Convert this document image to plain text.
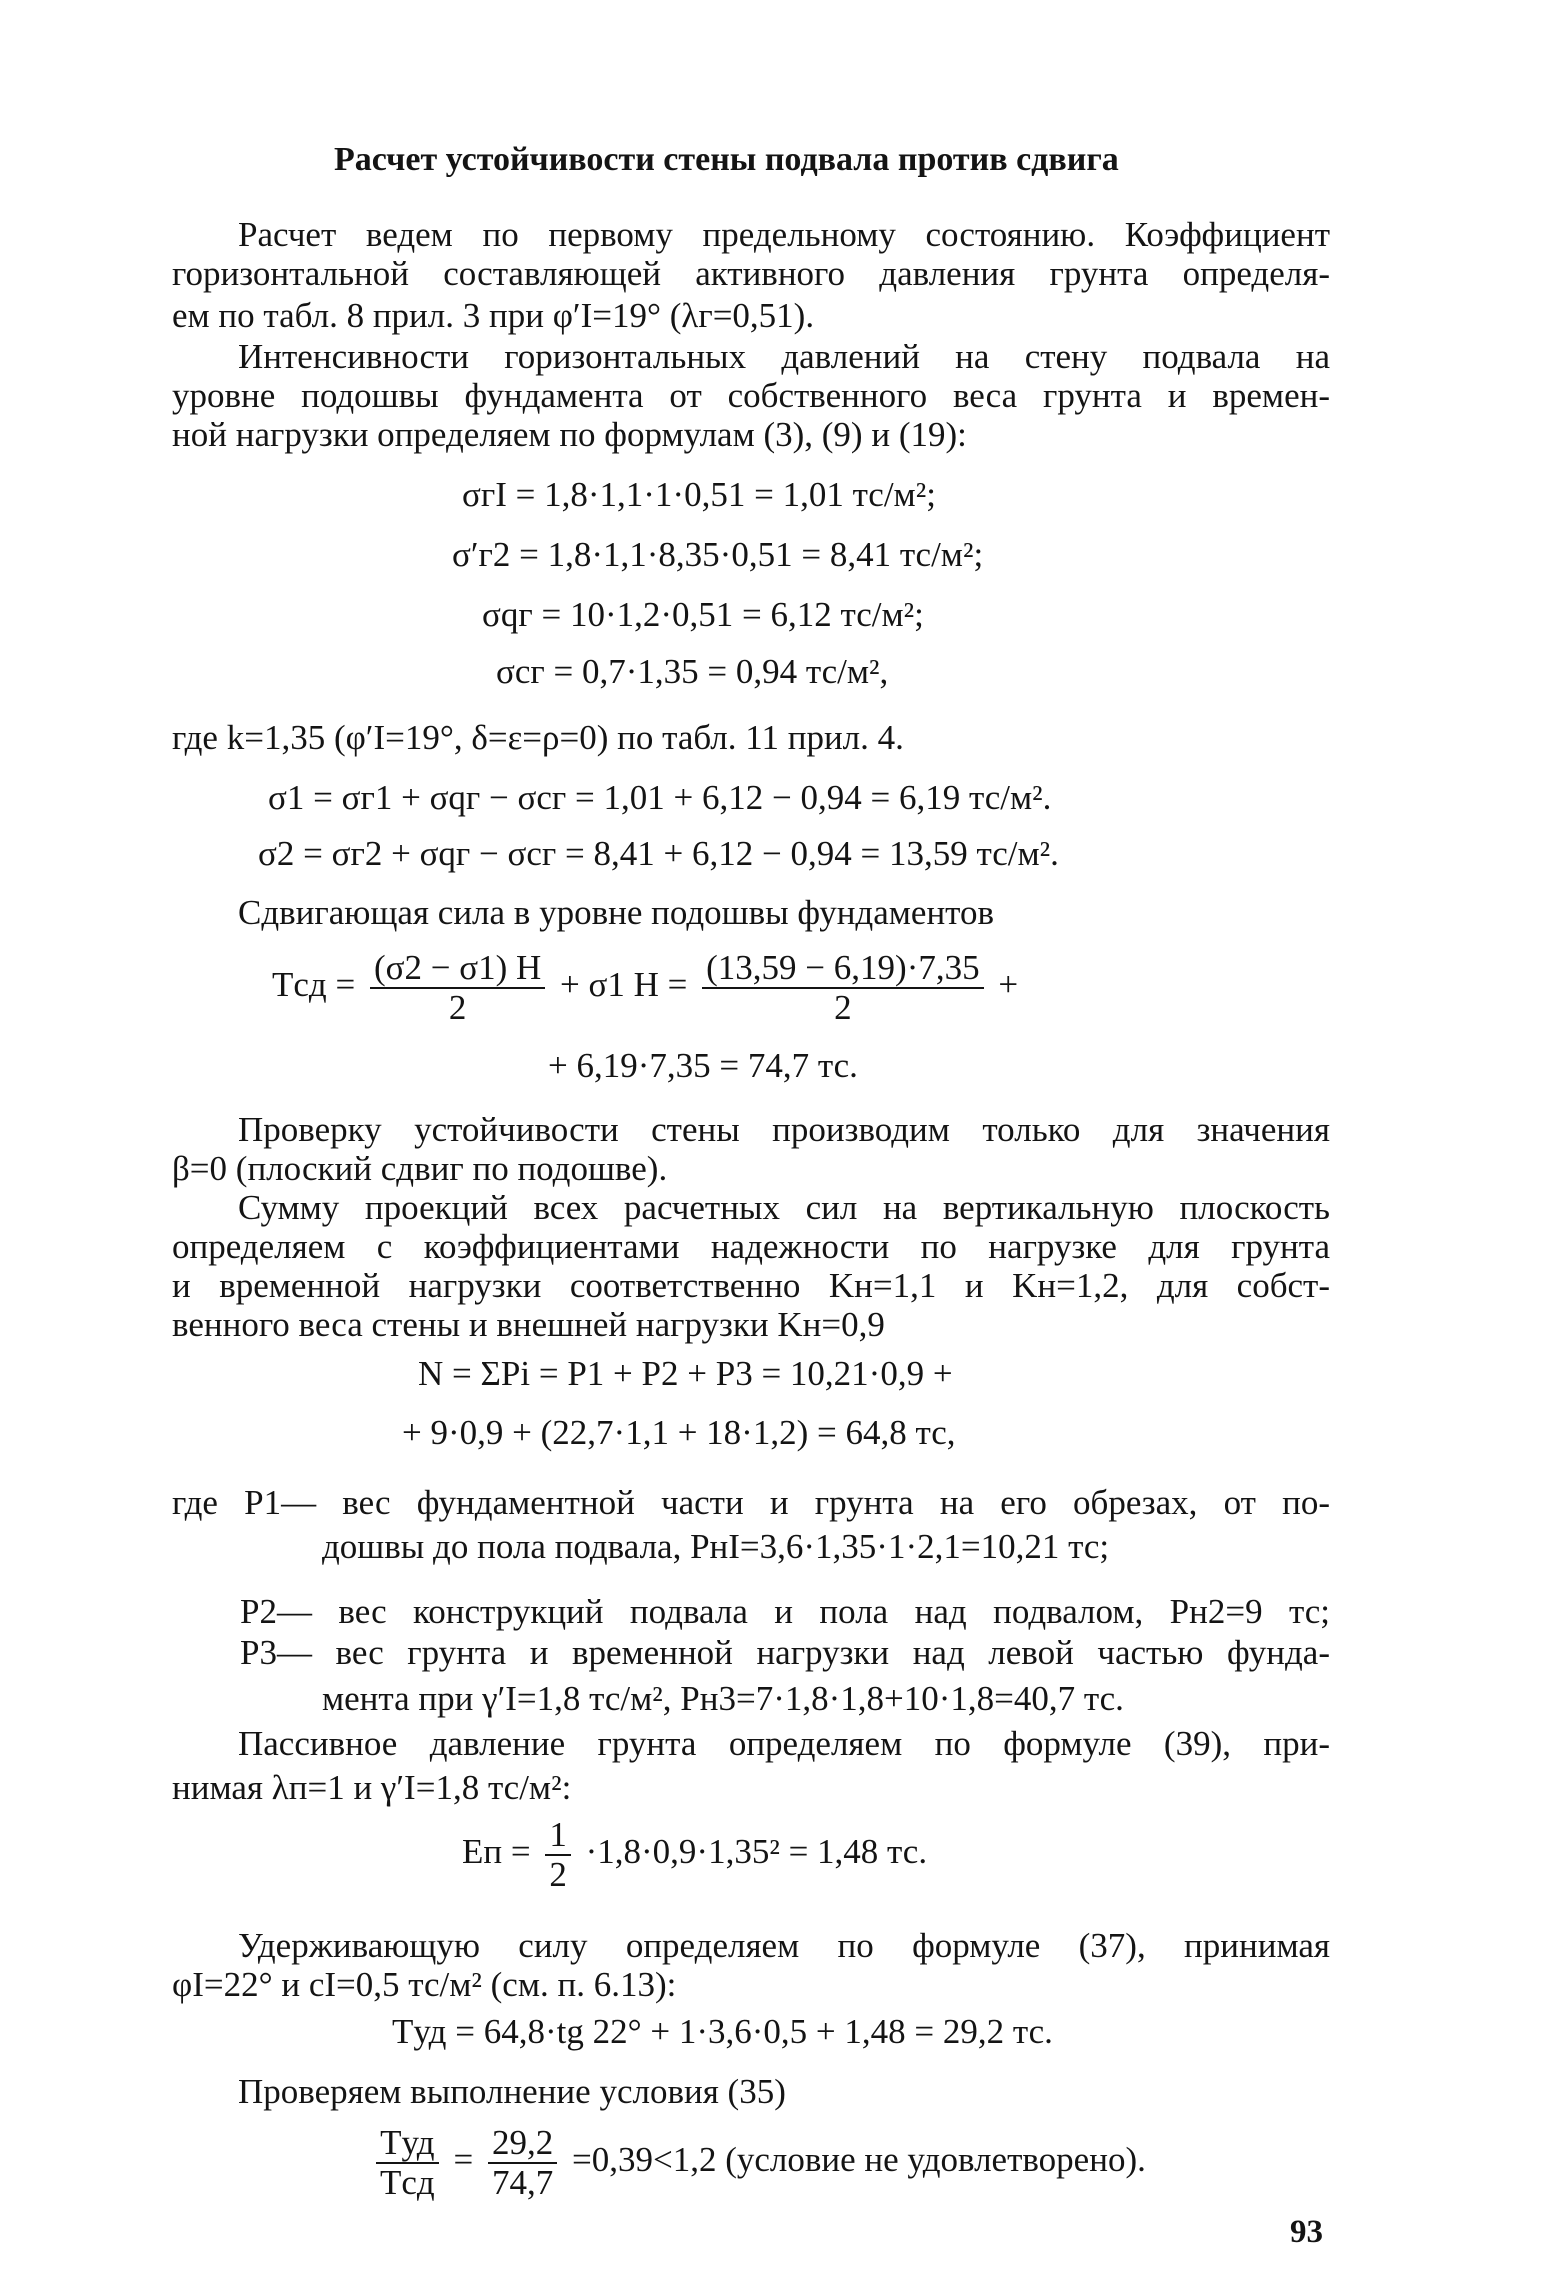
Расчет устойчивости стены подвала против сдвига
Расчет ведем по первому предельному состоянию. Коэффициент
горизонтальной составляющей активного давления грунта определя-
ем по табл. 8 прил. 3 при φ′I=19° (λг=0,51).
Интенсивности горизонтальных давлений на стену подвала на
уровне подошвы фундамента от собственного веса грунта и времен-
ной нагрузки определяем по формулам (3), (9) и (19):
σгI = 1,8·1,1·1·0,51 = 1,01 тс/м²;
σ′г2 = 1,8·1,1·8,35·0,51 = 8,41 тс/м²;
σqг = 10·1,2·0,51 = 6,12 тс/м²;
σсг = 0,7·1,35 = 0,94 тс/м²,
где k=1,35 (φ′I=19°, δ=ε=ρ=0) по табл. 11 прил. 4.
σ1 = σг1 + σqг − σсг = 1,01 + 6,12 − 0,94 = 6,19 тс/м².
σ2 = σг2 + σqг − σсг = 8,41 + 6,12 − 0,94 = 13,59 тс/м².
Сдвигающая сила в уровне подошвы фундаментов
Tсд = $\frac{(\sigma 2 - \sigma 1) H}{2} + \sigma 1$ $H = \frac{(13,59 - 6,19)\cdot 7,35}{2}$ +
+ 6,19·7,35 = 74,7 тс.
Проверку устойчивости стены производим только для значения
β=0 (плоский сдвиг по подошве).
Сумму проекций всех расчетных сил на вертикальную плоскость
определяем с коэффициентами надежности по нагрузке для грунта
и временной нагрузки соответственно Kн=1,1 и Kн=1,2, для собст-
венного веса стены и внешней нагрузки Kн=0,9
N = ΣPi = P1 + P2 + P3 = 10,21·0,9 +
+ 9·0,9 + (22,7·1,1 + 18·1,2) = 64,8 тс,
где P1— вес фундаментной части и грунта на его обрезах, от по-
дошвы до пола подвала, PнI=3,6·1,35·1·2,1=10,21 тс;
P2— вес конструкций подвала и пола над подвалом, Pн2=9 тс;
P3— вес грунта и временной нагрузки над левой частью фунда-
мента при γ′I=1,8 тс/м², Pн3=7·1,8·1,8+10·1,8=40,7 тс.
Пассивное давление грунта определяем по формуле (39), при-
нимая λп=1 и γ′I=1,8 тс/м²:
Eп = $\frac{1}{2} \cdot 1,8\cdot 0,9\cdot 1,35^2 = 1,48$ тс.
Удерживающую силу определяем по формуле (37), принимая
φI=22° и cI=0,5 тс/м² (см. п. 6.13):
Tуд = 64,8·tg 22° + 1·3,6·0,5 + 1,48 = 29,2 тс.
Проверяем выполнение условия (35)
$\frac{\text{Tуд}}{\text{Tсд}} = \frac{29,2}{74,7} =0,39<1,2$ (условие не удовлетворено).
93
